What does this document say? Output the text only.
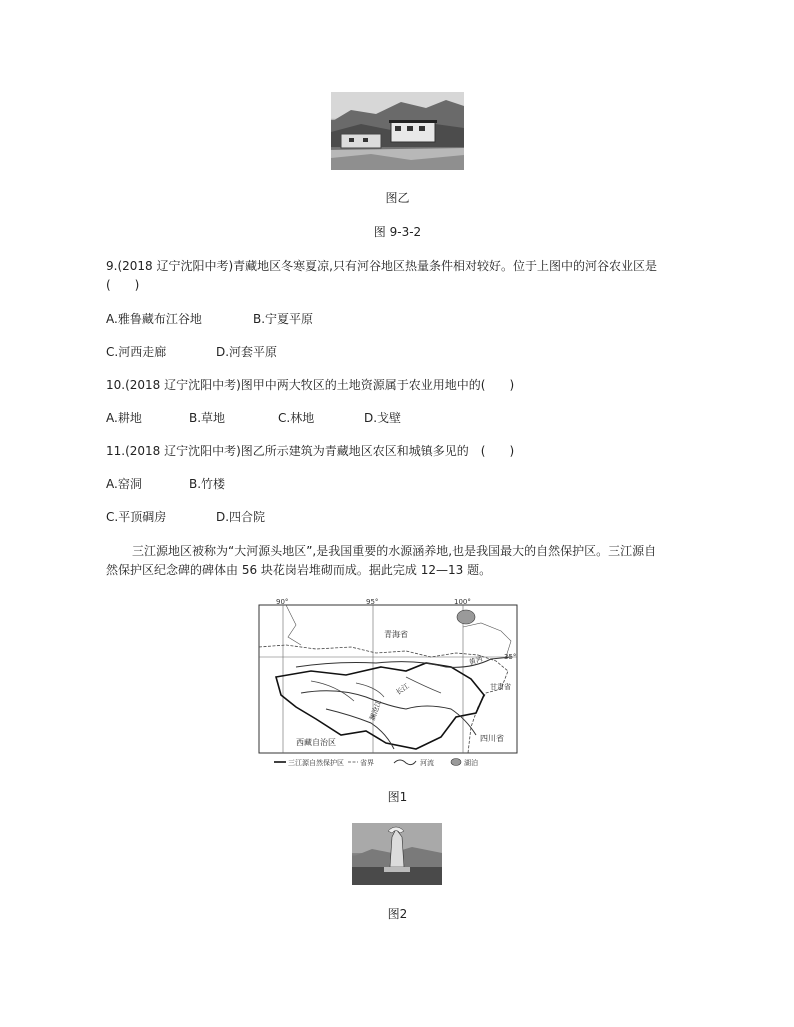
图乙
图 9-3-2
9.(2018 辽宁沈阳中考)青藏地区冬寒夏凉,只有河谷地区热量条件相对较好。位于上图中的河谷农业区是
(　　)
A.雅鲁藏布江谷地	B.宁夏平原
C.河西走廊	D.河套平原
10.(2018 辽宁沈阳中考)图甲中两大牧区的土地资源属于农业用地中的(　　)
A.耕地	B.草地	C.林地	D.戈壁
11.(2018 辽宁沈阳中考)图乙所示建筑为青藏地区农区和城镇多见的　(　　)
A.窑洞	B.竹楼
C.平顶碉房	D.四合院
三江源地区被称为“大河源头地区”,是我国重要的水源涵养地,也是我国最大的自然保护区。三江源自
然保护区纪念碑的碑体由 56 块花岗岩堆砌而成。据此完成 12—13 题。
90°	95°	100°
35°
青海省
西藏自治区	四川省
甘肃省
黄河
长江
澜沧江
三江源自然保护区 省界	河流	湖泊
图1
图2
